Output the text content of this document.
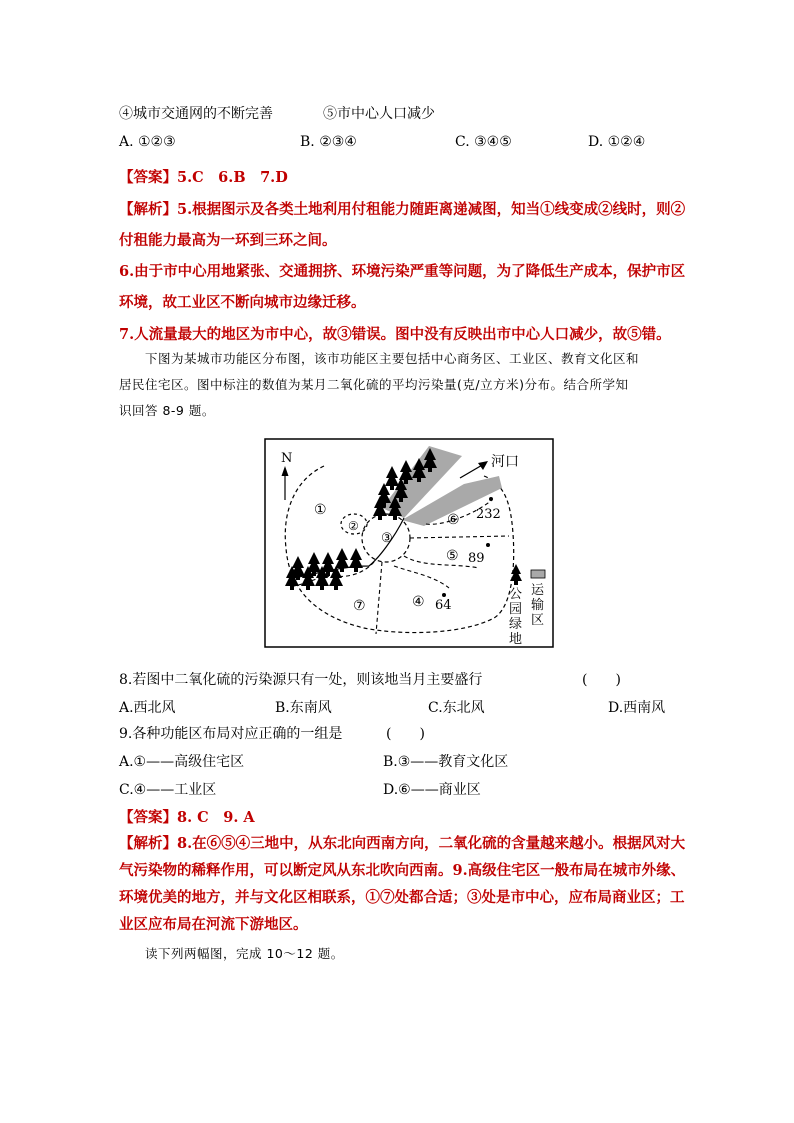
④城市交通网的不断完善	⑤市中心人口减少
A. ①②③	B. ②③④	C. ③④⑤	D. ①②④
【答案】5.C　6.B　7.D
【解析】5.根据图示及各类土地利用付租能力随距离递减图，知当①线变成②线时，则②
付租能力最高为一环到三环之间。
6.由于市中心用地紧张、交通拥挤、环境污染严重等问题，为了降低生产成本，保护市区
环境，故工业区不断向城市边缘迁移。
7.人流量最大的地区为市中心，故③错误。图中没有反映出市中心人口减少，故⑤错。
下图为某城市功能区分布图，该市功能区主要包括中心商务区、工业区、教育文化区和
居民住宅区。图中标注的数值为某月二氧化硫的平均污染量(克/立方米)分布。结合所学知
识回答 8-9 题。
N	河口
①
②
③
④
⑤
⑥
⑦
232
89
64
公
园
绿
地
运
输
区
8.若图中二氧化硫的污染源只有一处，则该地当月主要盛行	(　　)
A.西北风	B.东南风	C.东北风	D.西南风
9.各种功能区布局对应正确的一组是	(　　)
A.①——高级住宅区	B.③——教育文化区
C.④——工业区	D.⑥——商业区
【答案】8. C　9. A
【解析】8.在⑥⑤④三地中，从东北向西南方向，二氧化硫的含量越来越小。根据风对大
气污染物的稀释作用，可以断定风从东北吹向西南。9.高级住宅区一般布局在城市外缘、
环境优美的地方，并与文化区相联系，①⑦处都合适；③处是市中心，应布局商业区；工
业区应布局在河流下游地区。
读下列两幅图，完成 10～12 题。
